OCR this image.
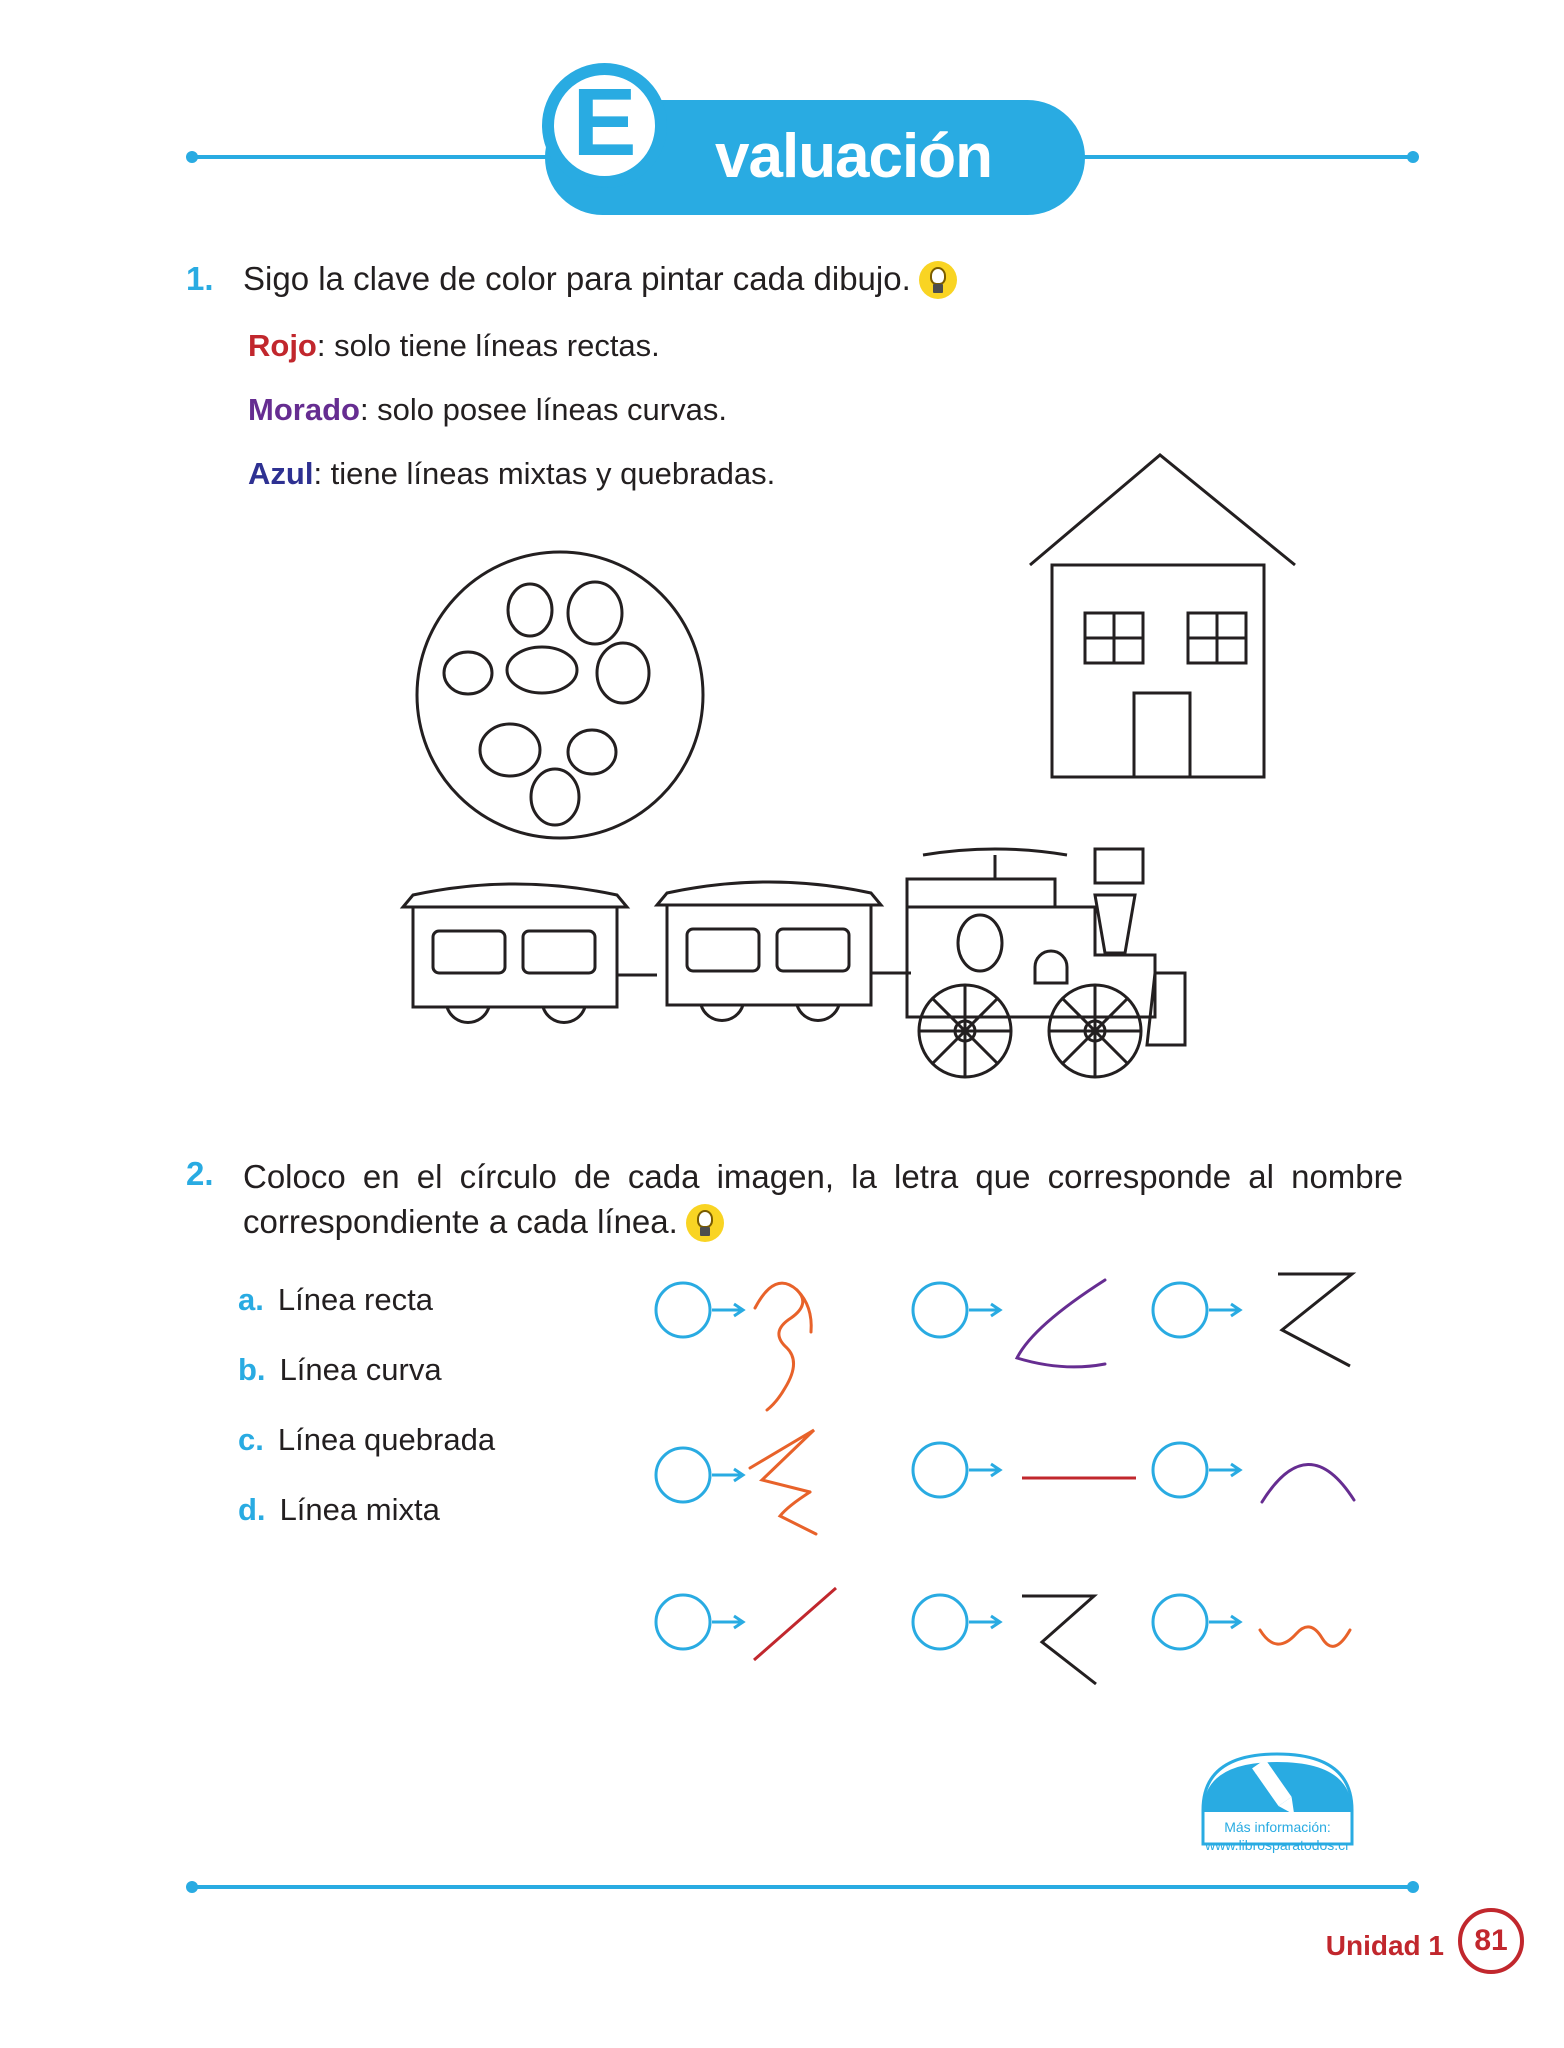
valuación
E
1. Sigo la clave de color para pintar cada dibujo.
Rojo: solo tiene líneas rectas.
Morado: solo posee líneas curvas.
Azul: tiene líneas mixtas y quebradas.
2. Coloco en el círculo de cada imagen, la letra que corresponde al nombre correspondiente a cada línea.
a. Línea recta
b. Línea curva
c. Línea quebrada
d. Línea mixta
Más información:
www.librosparatodos.cr
Unidad 1 81
